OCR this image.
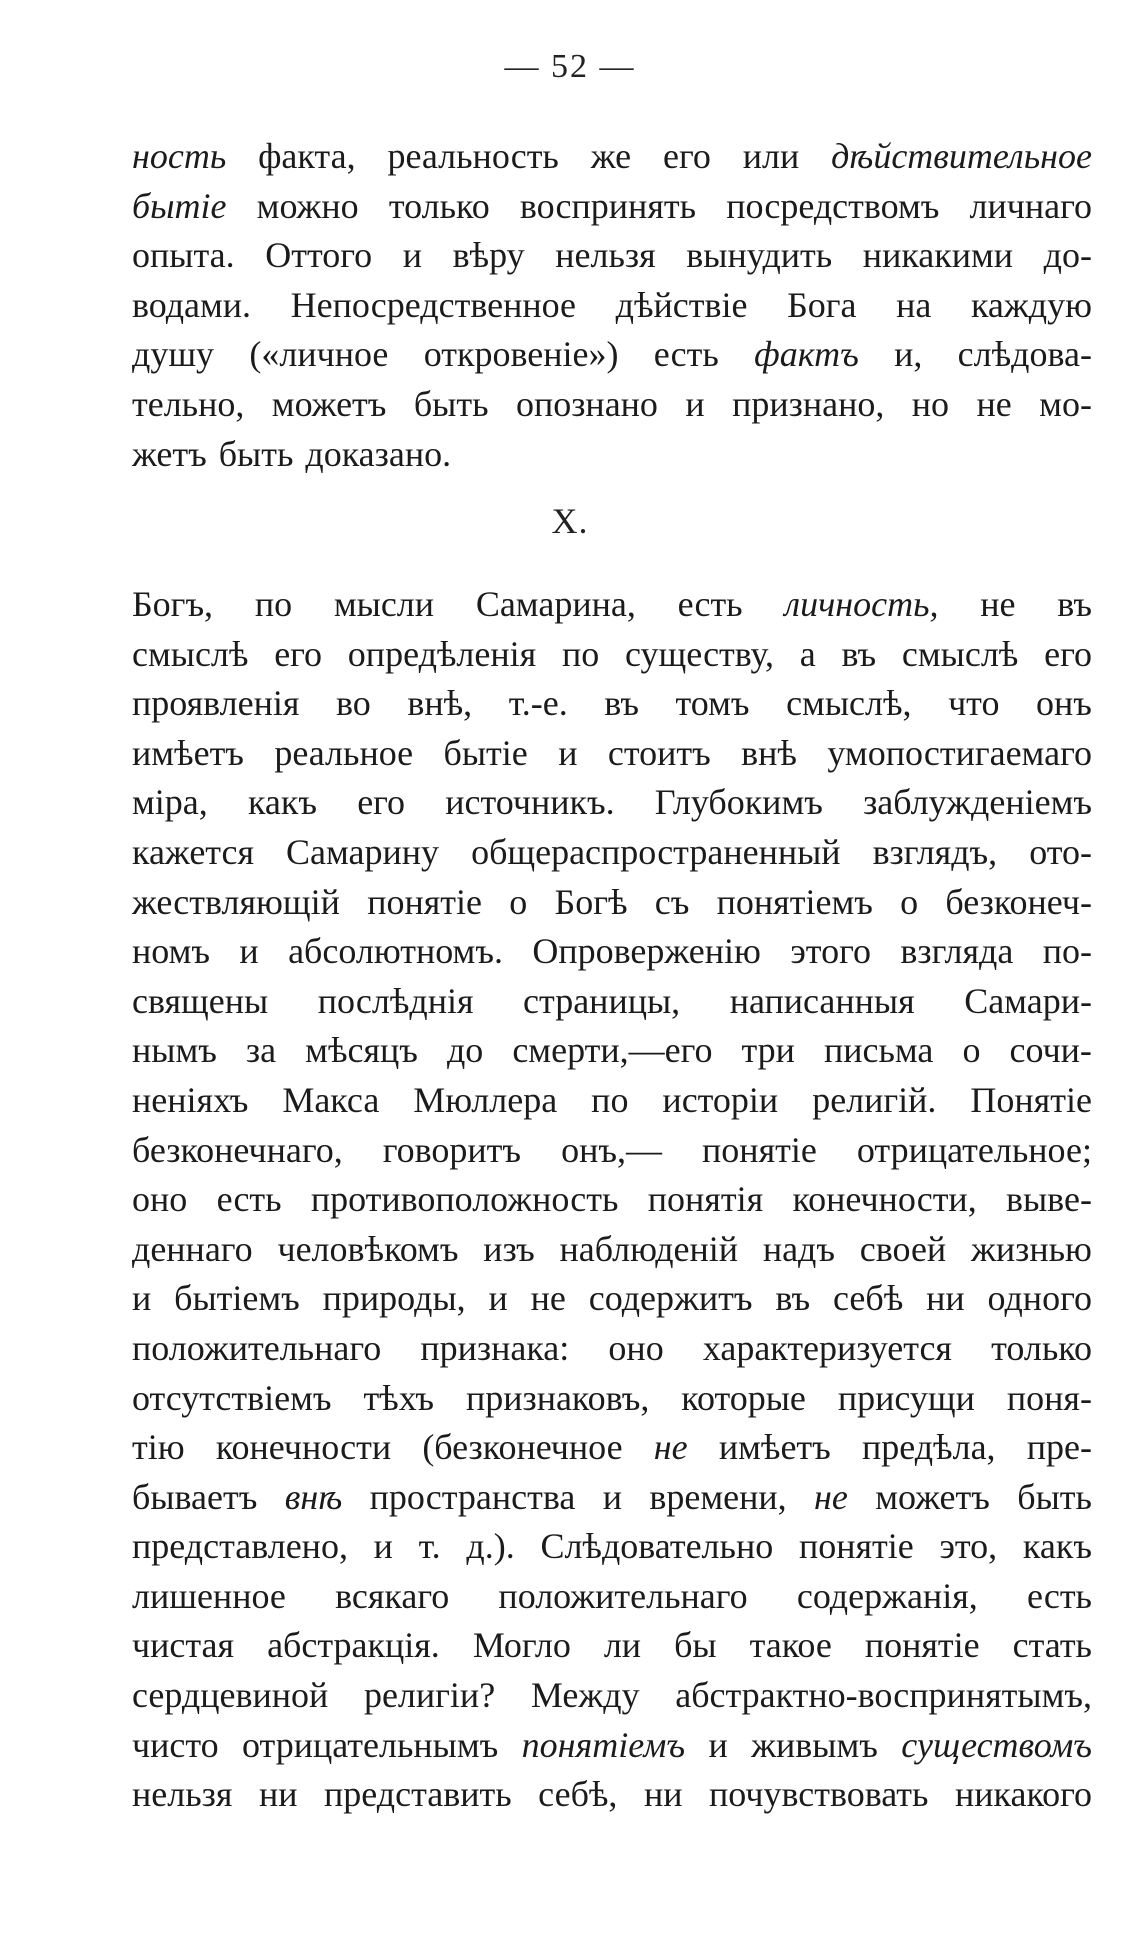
— 52 —
ность факта, реальность же его или дѣйствительное
бытіе можно только воспринять посредствомъ личнаго
опыта. Оттого и вѣру нельзя вынудить никакими до-
водами. Непосредственное дѣйствіе Бога на каждую
душу («личное откровеніе») есть фактъ и, слѣдова-
тельно, можетъ быть опознано и признано, но не мо-
жетъ быть доказано.
X.
Богъ, по мысли Самарина, есть личность, не въ
смыслѣ его опредѣленія по существу, а въ смыслѣ его
проявленія во внѣ, т.-е. въ томъ смыслѣ, что онъ
имѣетъ реальное бытіе и стоитъ внѣ умопостигаемаго
міра, какъ его источникъ. Глубокимъ заблужденіемъ
кажется Самарину общераспространенный взглядъ, ото-
жествляющій понятіе о Богѣ съ понятіемъ о безконеч-
номъ и абсолютномъ. Опроверженію этого взгляда по-
священы послѣднія страницы, написанныя Самари-
нымъ за мѣсяцъ до смерти,—его три письма о сочи-
неніяхъ Макса Мюллера по исторіи религій. Понятіе
безконечнаго, говоритъ онъ,— понятіе отрицательное;
оно есть противоположность понятія конечности, выве-
деннаго человѣкомъ изъ наблюденій надъ своей жизнью
и бытіемъ природы, и не содержитъ въ себѣ ни одного
положительнаго признака: оно характеризуется только
отсутствіемъ тѣхъ признаковъ, которые присущи поня-
тію конечности (безконечное не имѣетъ предѣла, пре-
бываетъ внѣ пространства и времени, не можетъ быть
представлено, и т. д.). Слѣдовательно понятіе это, какъ
лишенное всякаго положительнаго содержанія, есть
чистая абстракція. Могло ли бы такое понятіе стать
сердцевиной религіи? Между абстрактно-воспринятымъ,
чисто отрицательнымъ понятіемъ и живымъ существомъ
нельзя ни представить себѣ, ни почувствовать никакого
